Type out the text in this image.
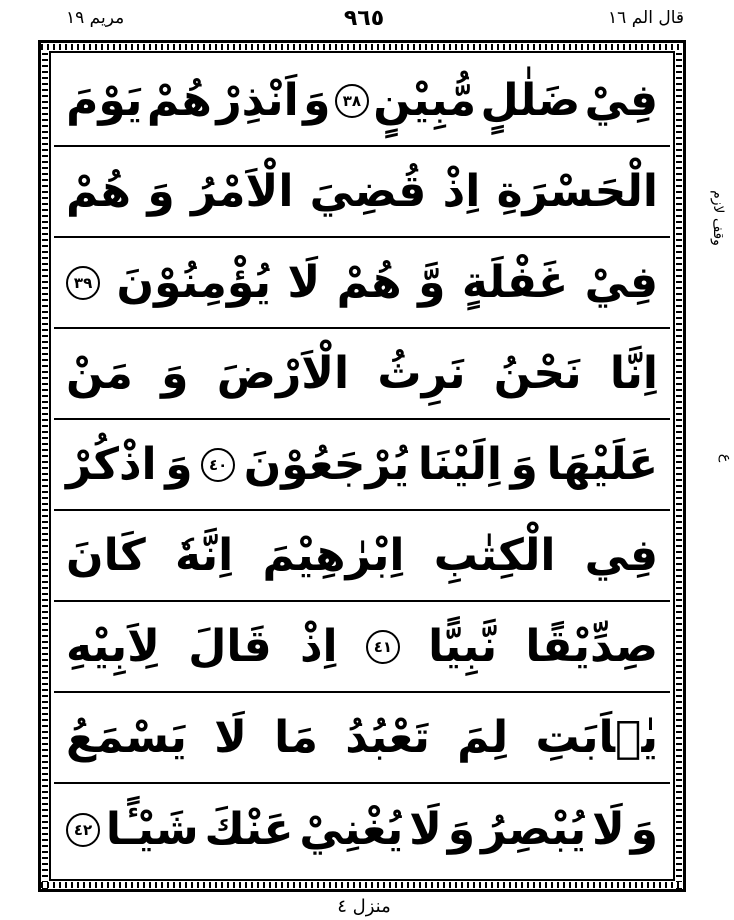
قال الم ١٦
٩٦٥
مريم ١٩
فِيْ
ضَلٰلٍ
مُّبِيْنٍ
٣٨
وَ
اَنْذِرْ
هُمْ
يَوْمَ
الْحَسْرَةِ
اِذْ
قُضِيَ
الْاَمْرُ
وَ
هُمْ
فِيْ
غَفْلَةٍ
وَّ
هُمْ
لَا
يُؤْمِنُوْنَ
٣٩
اِنَّا
نَحْنُ
نَرِثُ
الْاَرْضَ
وَ
مَنْ
عَلَيْهَا
وَ
اِلَيْنَا
يُرْجَعُوْنَ
٤٠
وَ
اذْكُرْ
فِي
الْكِتٰبِ
اِبْرٰهِيْمَ
اِنَّهٗ
كَانَ
صِدِّيْقًا
نَّبِيًّا
٤١
اِذْ
قَالَ
لِاَبِيْهِ
يٰۤاَبَتِ
لِمَ
تَعْبُدُ
مَا
لَا
يَسْمَعُ
وَ
لَا
يُبْصِرُ
وَ
لَا
يُغْنِيْ
عَنْكَ
شَيْـًٔا
٤٢
وقف لازم
ع
منزل ٤
